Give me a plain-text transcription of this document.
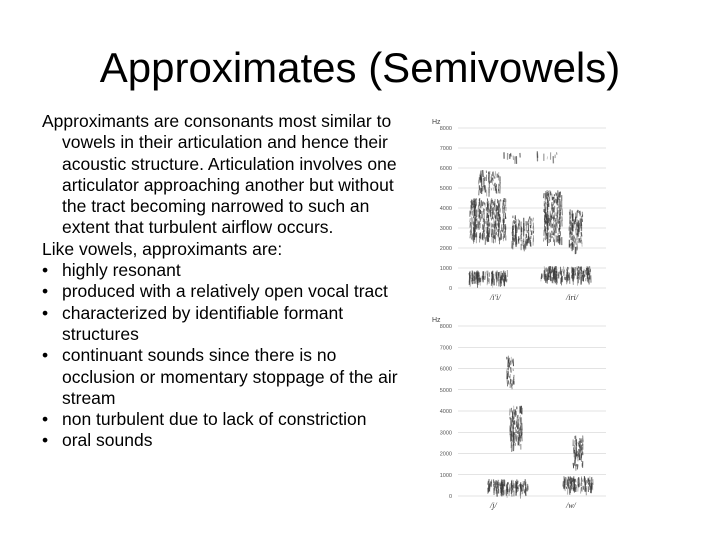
Approximates (Semivowels)

Approximants are consonants most similar to vowels in their articulation and hence their acoustic structure. Articulation involves one articulator approaching another but without the tract becoming narrowed to such an extent that turbulent airflow occurs.

Like vowels, approximants are:

• highly resonant
• produced with a relatively open vocal tract
• characterized by identifiable formant structures
• continuant sounds since there is no occlusion or momentary stoppage of the air stream
• non turbulent due to lack of constriction
• oral sounds
Hz
8000
7000
6000
5000
4000
3000
2000
1000
0
/iʹi/	/iri/
Hz
8000
7000
6000
5000
4000
3000
2000
1000
0
/j/	/w/
